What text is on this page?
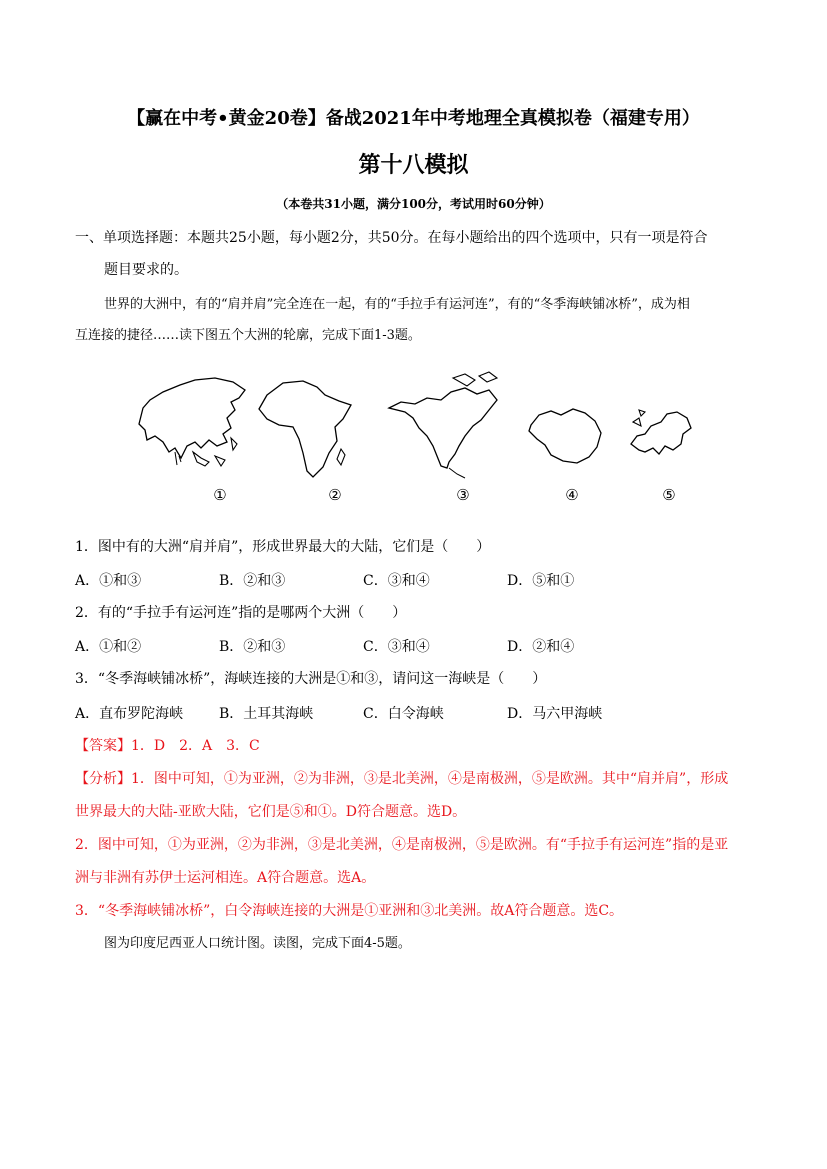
【赢在中考•黄金20卷】备战2021年中考地理全真模拟卷（福建专用）
第十八模拟
（本卷共31小题，满分100分，考试用时60分钟）
一、单项选择题：本题共25小题，每小题2分，共50分。在每小题给出的四个选项中，只有一项是符合
题目要求的。
世界的大洲中，有的“肩并肩”完全连在一起，有的“手拉手有运河连”，有的“冬季海峡铺冰桥”，成为相
互连接的捷径……读下图五个大洲的轮廓，完成下面1-3题。
①	②	③	④	⑤
1．图中有的大洲“肩并肩”，形成世界最大的大陆，它们是（　　）
A．①和③	B．②和③	C．③和④	D．⑤和①
2．有的“手拉手有运河连”指的是哪两个大洲（　　）
A．①和②	B．②和③	C．③和④	D．②和④
3．“冬季海峡铺冰桥”，海峡连接的大洲是①和③，请问这一海峡是（　　）
A．直布罗陀海峡	B．土耳其海峡	C．白令海峡	D．马六甲海峡
【答案】1．D　2．A　3．C
【分析】1．图中可知，①为亚洲，②为非洲，③是北美洲，④是南极洲，⑤是欧洲。其中“肩并肩”，形成
世界最大的大陆-亚欧大陆，它们是⑤和①。D符合题意。选D。
2．图中可知，①为亚洲，②为非洲，③是北美洲，④是南极洲，⑤是欧洲。有“手拉手有运河连”指的是亚
洲与非洲有苏伊士运河相连。A符合题意。选A。
3．“冬季海峡铺冰桥”，白令海峡连接的大洲是①亚洲和③北美洲。故A符合题意。选C。
图为印度尼西亚人口统计图。读图，完成下面4-5题。
